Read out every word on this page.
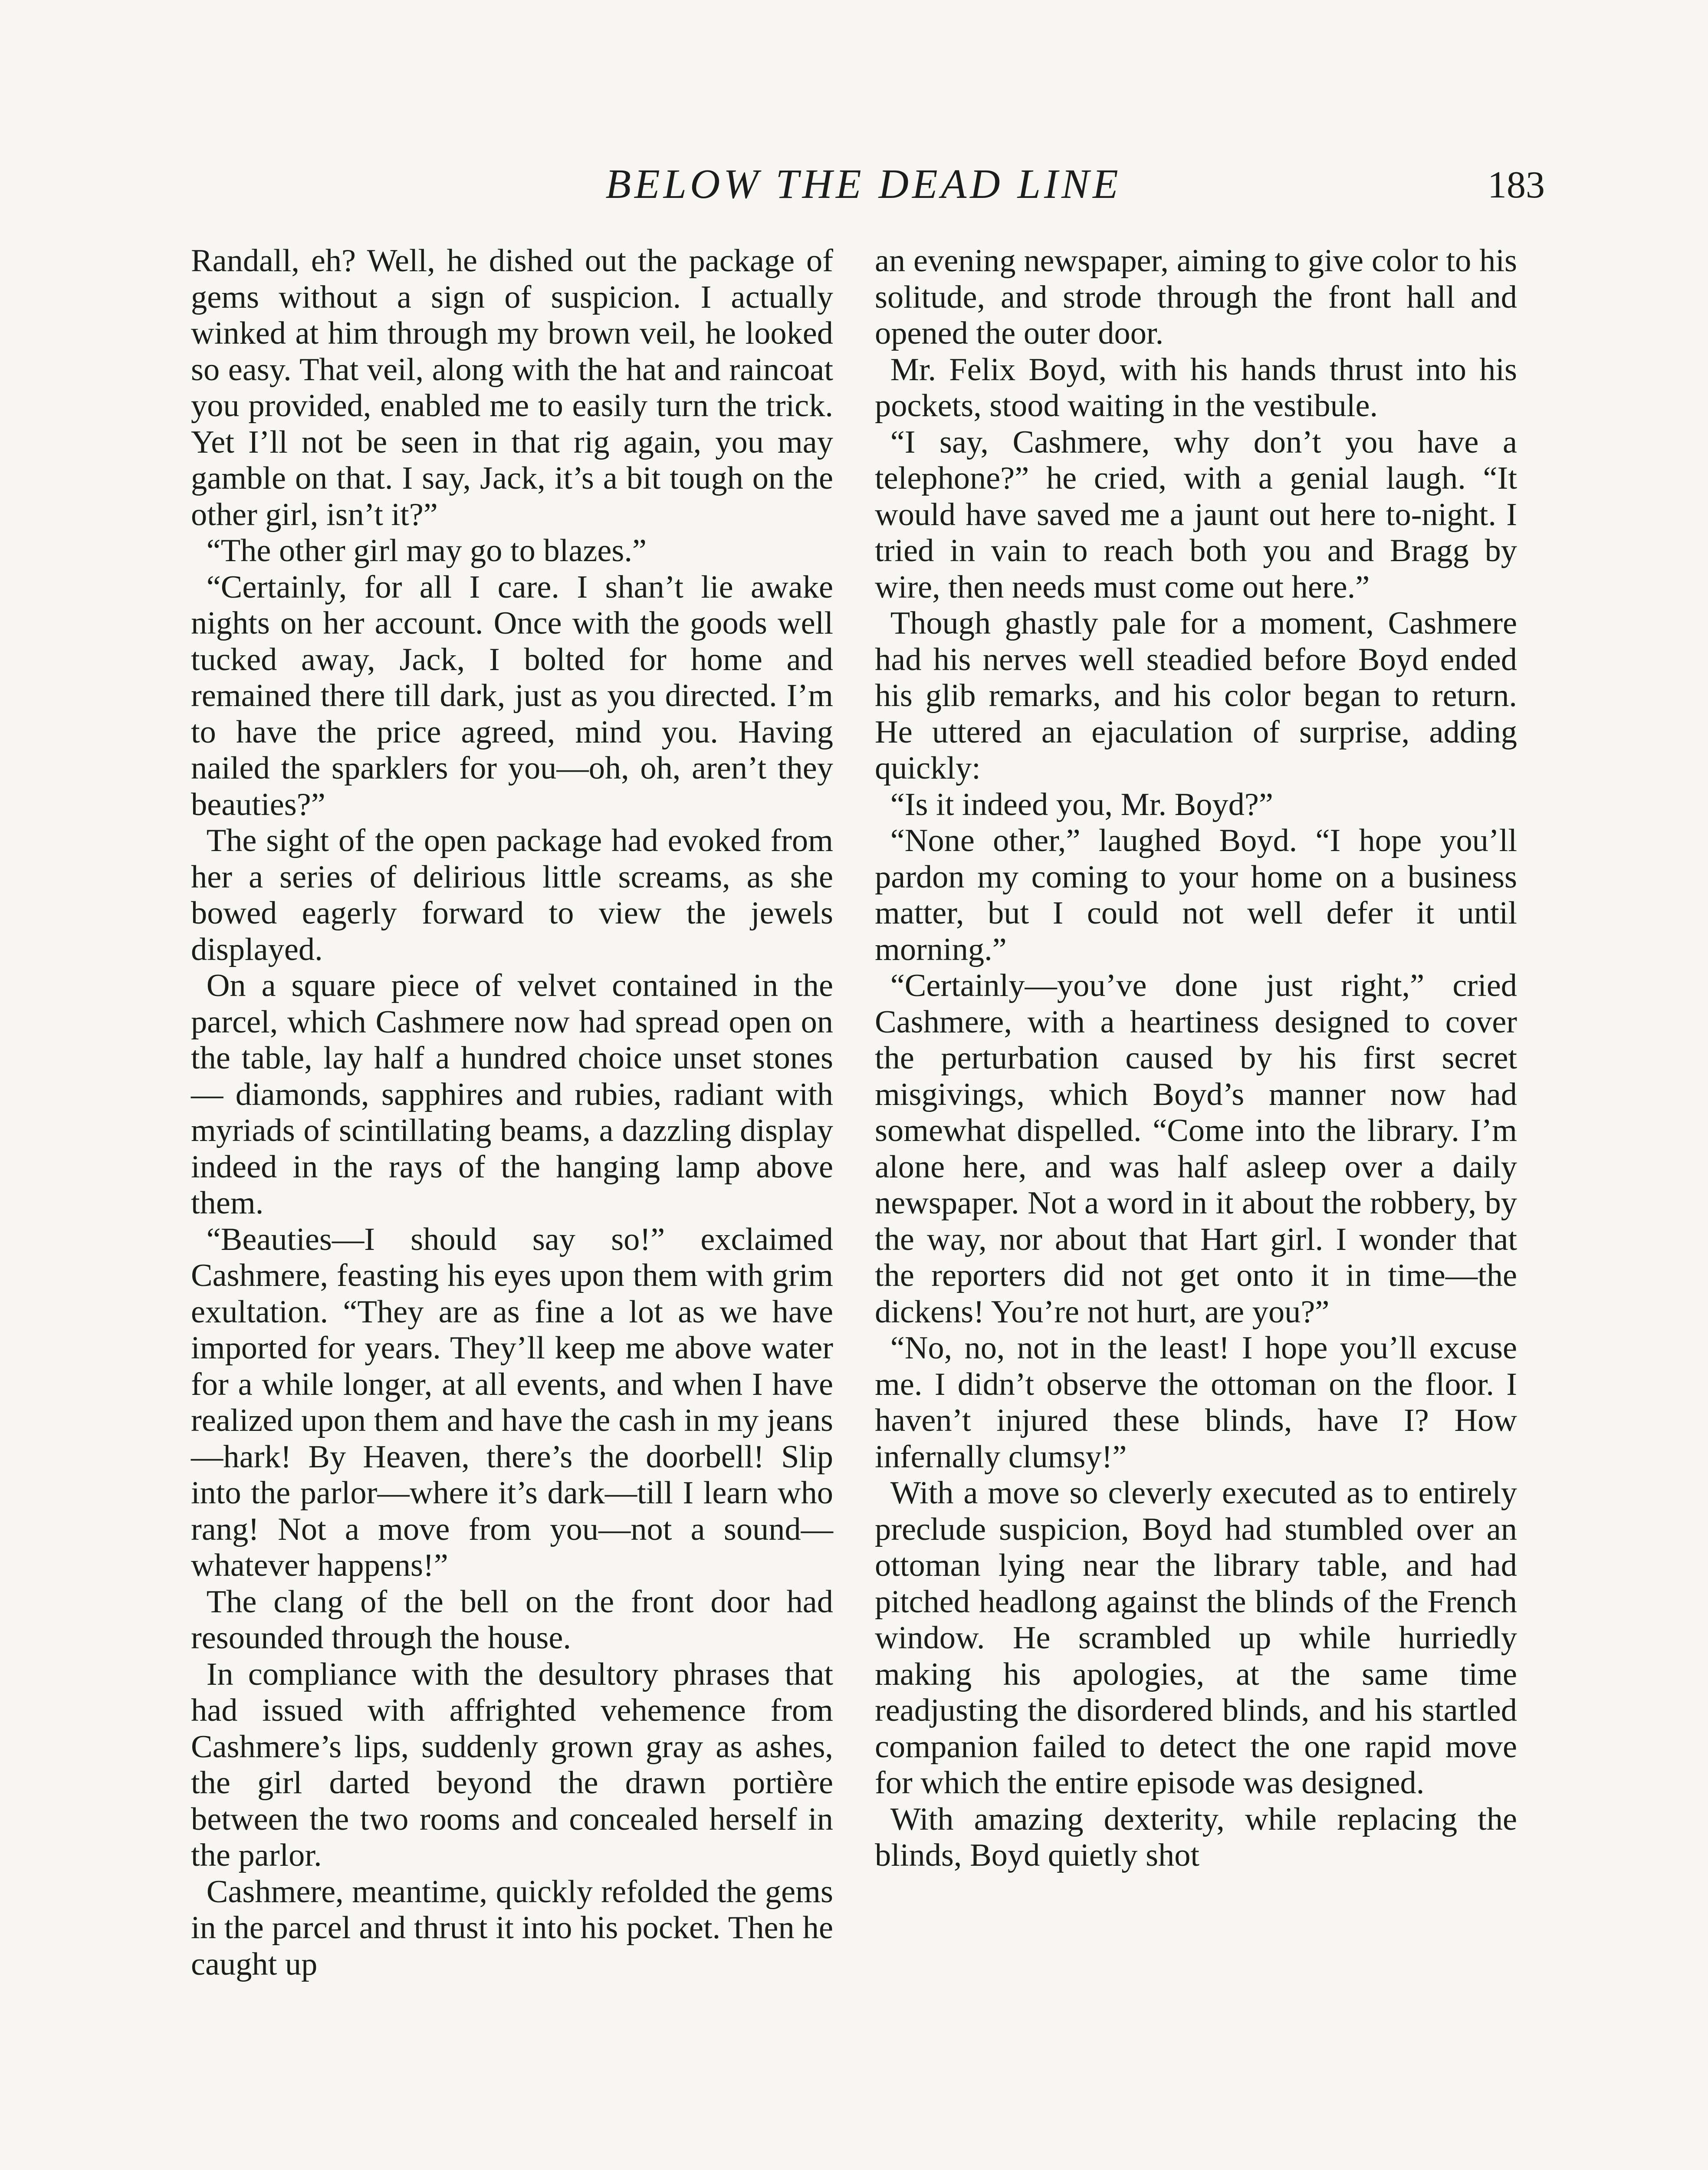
BELOW THE DEAD LINE	183

Randall, eh? Well, he dished out the package of gems without a sign of suspicion. I actually winked at him through my brown veil, he looked so easy. That veil, along with the hat and raincoat you provided, enabled me to easily turn the trick. Yet I’ll not be seen in that rig again, you may gamble on that. I say, Jack, it’s a bit tough on the other girl, isn’t it?”

“The other girl may go to blazes.”

“Certainly, for all I care. I shan’t lie awake nights on her account. Once with the goods well tucked away, Jack, I bolted for home and remained there till dark, just as you directed. I’m to have the price agreed, mind you. Having nailed the sparklers for you—oh, oh, aren’t they beauties?”

The sight of the open package had evoked from her a series of delirious little screams, as she bowed eagerly forward to view the jewels displayed.

On a square piece of velvet contained in the parcel, which Cashmere now had spread open on the table, lay half a hundred choice unset stones — diamonds, sapphires and rubies, radiant with myriads of scintillating beams, a dazzling display indeed in the rays of the hanging lamp above them.

“Beauties—I should say so!” exclaimed Cashmere, feasting his eyes upon them with grim exultation. “They are as fine a lot as we have imported for years. They’ll keep me above water for a while longer, at all events, and when I have realized upon them and have the cash in my jeans—hark! By Heaven, there’s the doorbell! Slip into the parlor—where it’s dark—till I learn who rang! Not a move from you—not a sound—whatever happens!”

The clang of the bell on the front door had resounded through the house.

In compliance with the desultory phrases that had issued with affrighted vehemence from Cashmere’s lips, suddenly grown gray as ashes, the girl darted beyond the drawn portière between the two rooms and concealed herself in the parlor.

Cashmere, meantime, quickly refolded the gems in the parcel and thrust it into his pocket. Then he caught up

an evening newspaper, aiming to give color to his solitude, and strode through the front hall and opened the outer door.

Mr. Felix Boyd, with his hands thrust into his pockets, stood waiting in the vestibule.

“I say, Cashmere, why don’t you have a telephone?” he cried, with a genial laugh. “It would have saved me a jaunt out here to-night. I tried in vain to reach both you and Bragg by wire, then needs must come out here.”

Though ghastly pale for a moment, Cashmere had his nerves well steadied before Boyd ended his glib remarks, and his color began to return. He uttered an ejaculation of surprise, adding quickly:

“Is it indeed you, Mr. Boyd?”

“None other,” laughed Boyd. “I hope you’ll pardon my coming to your home on a business matter, but I could not well defer it until morning.”

“Certainly—you’ve done just right,” cried Cashmere, with a heartiness designed to cover the perturbation caused by his first secret misgivings, which Boyd’s manner now had somewhat dispelled. “Come into the library. I’m alone here, and was half asleep over a daily newspaper. Not a word in it about the robbery, by the way, nor about that Hart girl. I wonder that the reporters did not get onto it in time—the dickens! You’re not hurt, are you?”

“No, no, not in the least! I hope you’ll excuse me. I didn’t observe the ottoman on the floor. I haven’t injured these blinds, have I? How infernally clumsy!”

With a move so cleverly executed as to entirely preclude suspicion, Boyd had stumbled over an ottoman lying near the library table, and had pitched headlong against the blinds of the French window. He scrambled up while hurriedly making his apologies, at the same time readjusting the disordered blinds, and his startled companion failed to detect the one rapid move for which the entire episode was designed.

With amazing dexterity, while replacing the blinds, Boyd quietly shot
